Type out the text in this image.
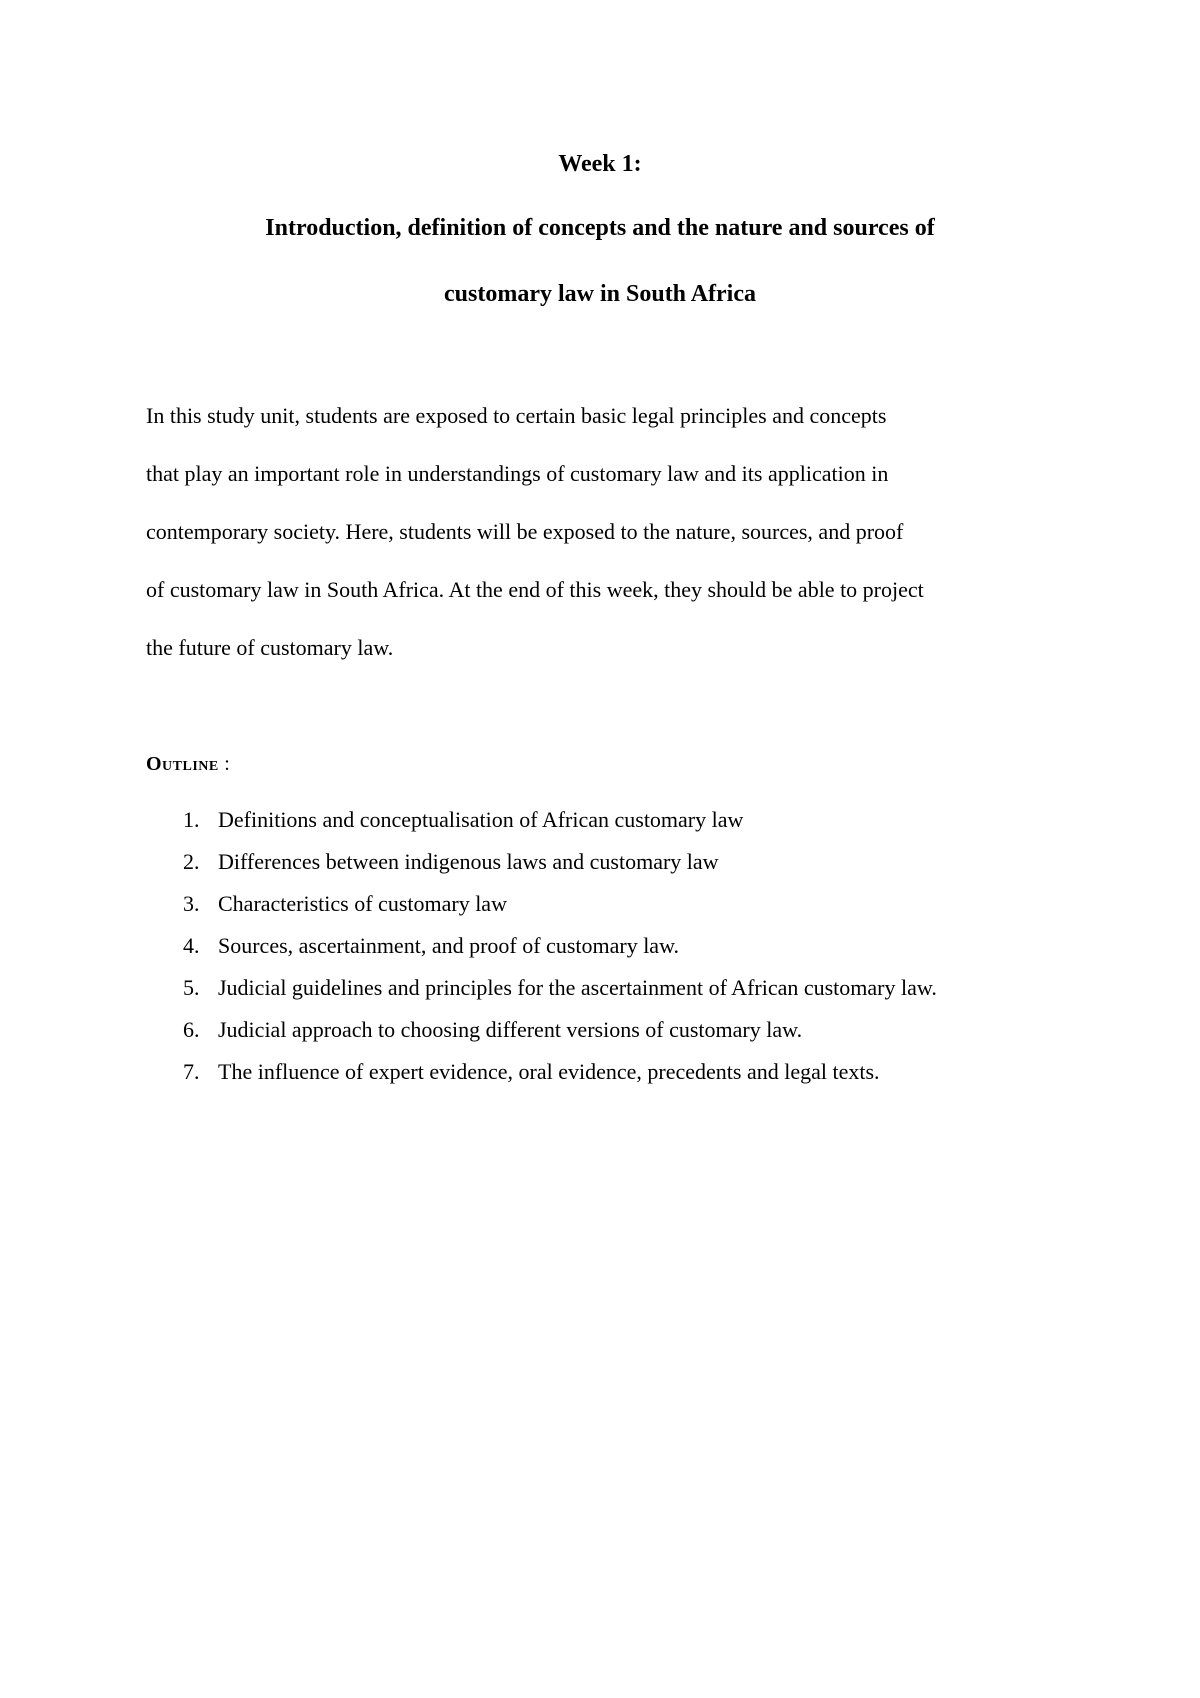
Week 1:
Introduction, definition of concepts and the nature and sources of
customary law in South Africa
In this study unit, students are exposed to certain basic legal principles and concepts
that play an important role in understandings of customary law and its application in
contemporary society. Here, students will be exposed to the nature, sources, and proof
of customary law in South Africa. At the end of this week, they should be able to project
the future of customary law.
Outline :
1. Definitions and conceptualisation of African customary law
2. Differences between indigenous laws and customary law
3. Characteristics of customary law
4. Sources, ascertainment, and proof of customary law.
5. Judicial guidelines and principles for the ascertainment of African customary law.
6. Judicial approach to choosing different versions of customary law.
7. The influence of expert evidence, oral evidence, precedents and legal texts.
